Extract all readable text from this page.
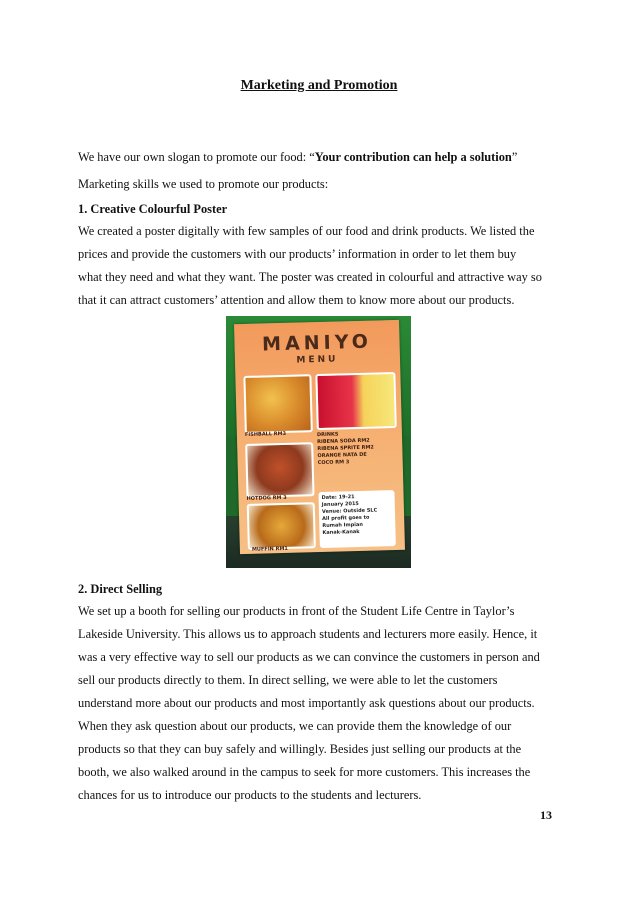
Marketing and Promotion
We have our own slogan to promote our food: “Your contribution can help a solution”
Marketing skills we used to promote our products:
1. Creative Colourful Poster
We created a poster digitally with few samples of our food and drink products. We listed the
prices and provide the customers with our products’ information in order to let them buy
what they need and what they want. The poster was created in colourful and attractive way so
that it can attract customers’ attention and allow them to know more about our products.
MANIYO
MENU
FISHBALL RM3
HOTDOG RM 3
MUFFIN RM1
DRINKS
RIBENA SODA RM2
RIBENA SPRITE RM2
ORANGE NATA DE
COCO RM 3
Date: 19-21
January 2015
Venue: Outside SLC
All profit goes to
Rumah Impian
Kanak-Kanak
2. Direct Selling
We set up a booth for selling our products in front of the Student Life Centre in Taylor’s
Lakeside University. This allows us to approach students and lecturers more easily. Hence, it
was a very effective way to sell our products as we can convince the customers in person and
sell our products directly to them. In direct selling, we were able to let the customers
understand more about our products and most importantly ask questions about our products.
When they ask question about our products, we can provide them the knowledge of our
products so that they can buy safely and willingly. Besides just selling our products at the
booth, we also walked around in the campus to seek for more customers. This increases the
chances for us to introduce our products to the students and lecturers.
13
